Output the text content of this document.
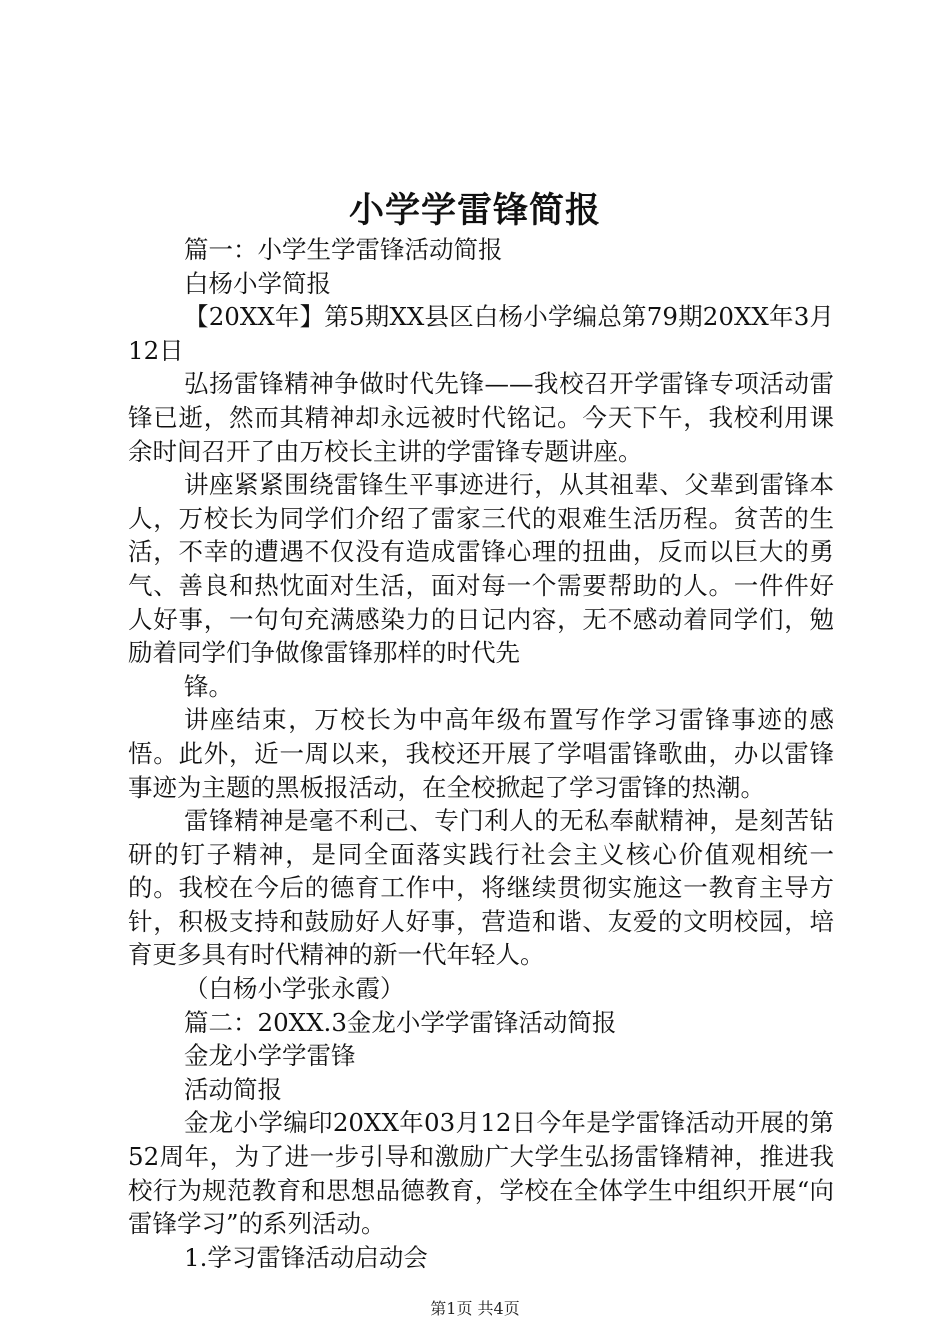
小学学雷锋简报

篇一：小学生学雷锋活动简报

白杨小学简报

【20XX年】第5期XX县区白杨小学编总第79期20XX年3月12日

弘扬雷锋精神争做时代先锋——我校召开学雷锋专项活动雷锋已逝，然而其精神却永远被时代铭记。今天下午，我校利用课余时间召开了由万校长主讲的学雷锋专题讲座。

讲座紧紧围绕雷锋生平事迹进行，从其祖辈、父辈到雷锋本人，万校长为同学们介绍了雷家三代的艰难生活历程。贫苦的生活，不幸的遭遇不仅没有造成雷锋心理的扭曲，反而以巨大的勇气、善良和热忱面对生活，面对每一个需要帮助的人。一件件好人好事，一句句充满感染力的日记内容，无不感动着同学们，勉励着同学们争做像雷锋那样的时代先

锋。

讲座结束，万校长为中高年级布置写作学习雷锋事迹的感悟。此外，近一周以来，我校还开展了学唱雷锋歌曲，办以雷锋事迹为主题的黑板报活动，在全校掀起了学习雷锋的热潮。

雷锋精神是毫不利己、专门利人的无私奉献精神，是刻苦钻研的钉子精神，是同全面落实践行社会主义核心价值观相统一的。我校在今后的德育工作中，将继续贯彻实施这一教育主导方针，积极支持和鼓励好人好事，营造和谐、友爱的文明校园，培育更多具有时代精神的新一代年轻人。

（白杨小学张永霞）

篇二：20XX.3金龙小学学雷锋活动简报

金龙小学学雷锋

活动简报

金龙小学编印20XX年03月12日今年是学雷锋活动开展的第52周年，为了进一步引导和激励广大学生弘扬雷锋精神，推进我校行为规范教育和思想品德教育，学校在全体学生中组织开展“向雷锋学习”的系列活动。

1.学习雷锋活动启动会

第1页 共4页
